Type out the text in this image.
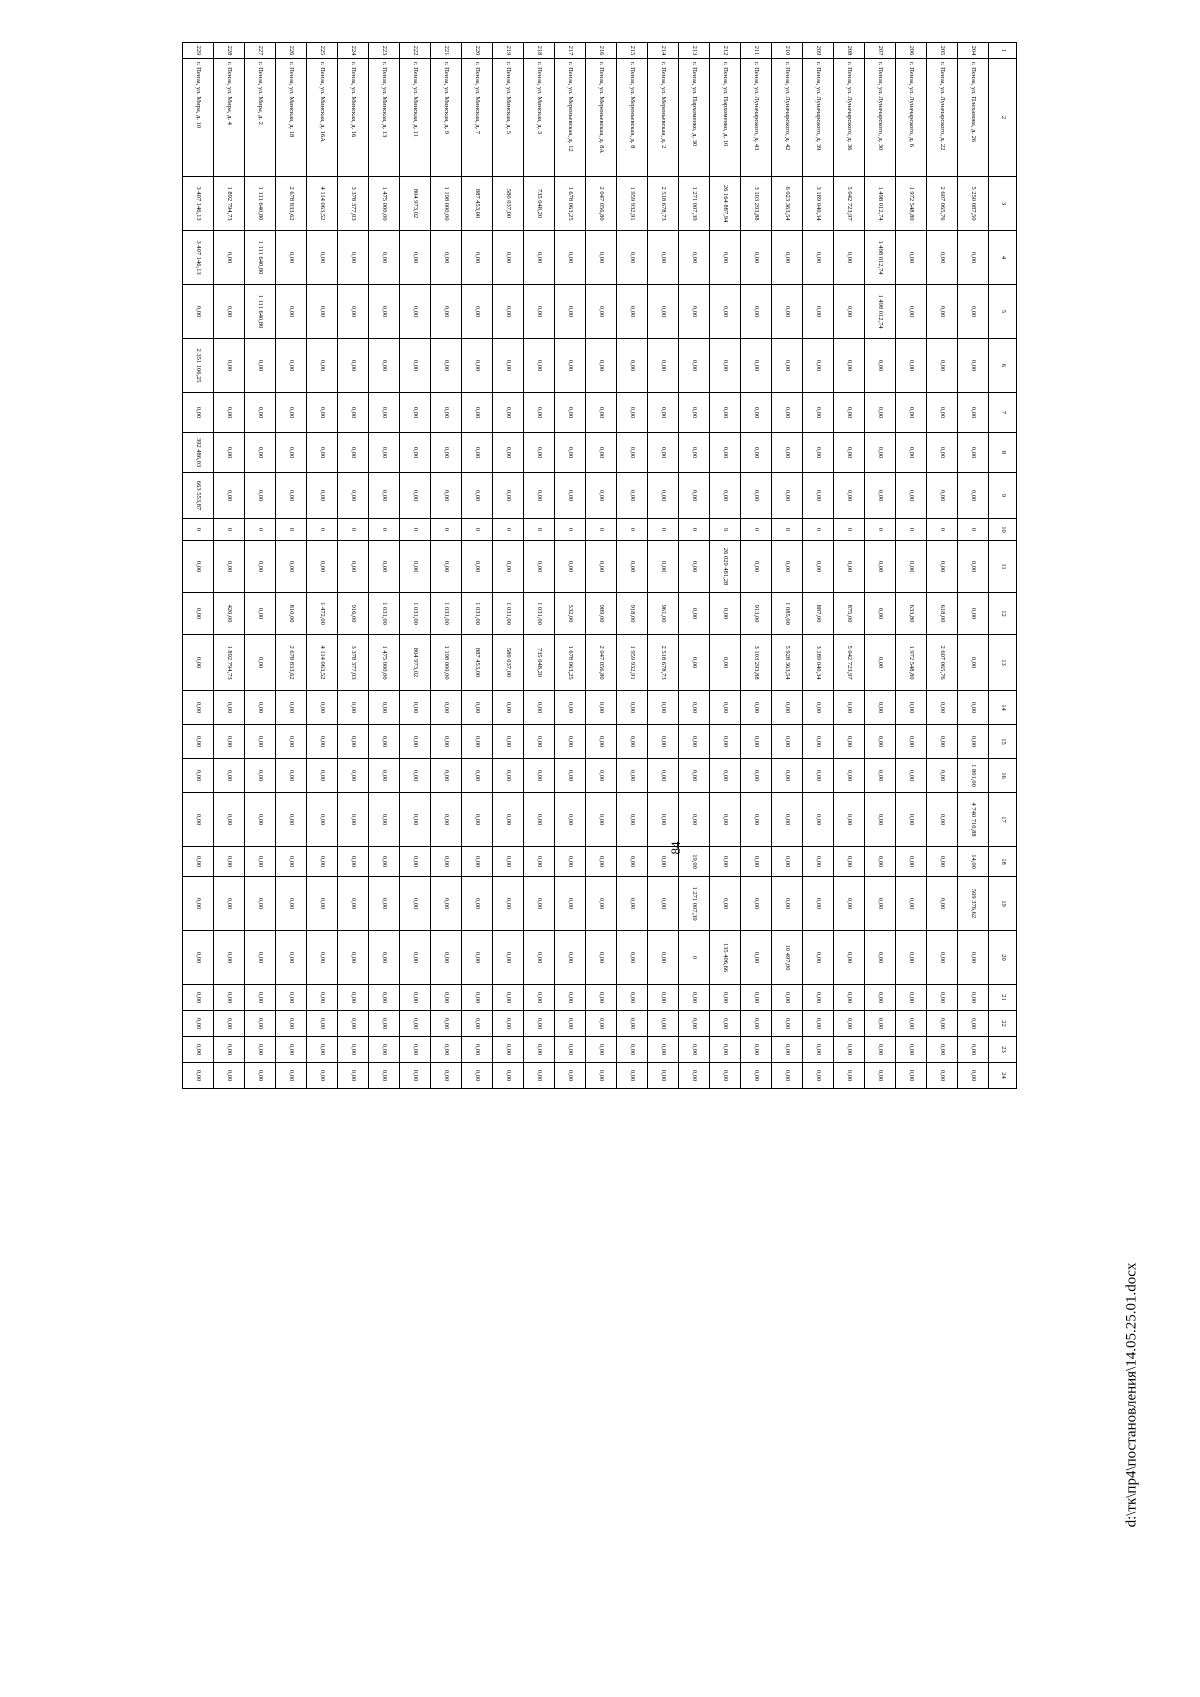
84
1	2	3	4	5	6	7	8	9	10	11	12	13	14	15	16	17	18	19	20	21	22	23	24
204	г. Пенза, ул. Плеханова, д. 26	5 250 087,50	0,00	0,00	0,00	0,00	0,00	0,00	0	0,00	0,00	0,00	0,00	0,00	1 801,00	4 740 710,88	14,00	509 376,62	0,00	0,00	0,00	0,00	0,00
205	г. Пенза, ул. Луначарского, д. 22	2 607 065,76	0,00	0,00	0,00	0,00	0,00	0,00	0	0,00	618,00	2 607 065,76	0,00	0,00	0,00	0,00	0,00	0,00	0,00	0,00	0,00	0,00	0,00
206	г. Пенза, ул. Луначарского, д. 6	1 972 548,80	0,00	0,00	0,00	0,00	0,00	0,00	0	0,00	633,80	1 972 548,80	0,00	0,00	0,00	0,00	0,00	0,00	0,00	0,00	0,00	0,00	0,00
207	г. Пенза, ул. Луначарского, д. 30	1 498 012,74	1 498 012,74	1 498 012,74	0,00	0,00	0,00	0,00	0	0,00	0,00	0,00	0,00	0,00	0,00	0,00	0,00	0,00	0,00	0,00	0,00	0,00	0,00
208	г. Пенза, ул. Луначарского, д. 36	5 042 723,97	0,00	0,00	0,00	0,00	0,00	0,00	0	0,00	875,00	5 042 723,97	0,00	0,00	0,00	0,00	0,00	0,00	0,00	0,00	0,00	0,00	0,00
209	г. Пенза, ул. Луначарского, д. 39	3 189 040,34	0,00	0,00	0,00	0,00	0,00	0,00	0	0,00	887,00	3 189 040,34	0,00	0,00	0,00	0,00	0,00	0,00	0,00	0,00	0,00	0,00	0,00
210	г. Пенза, ул. Луначарского, д. 42	6 023 363,54	0,00	0,00	0,00	0,00	0,00	0,00	0	0,00	1 085,00	5 928 363,54	0,00	0,00	0,00	0,00	0,00	0,00	10 497,00	0,00	0,00	0,00	0,00
211	г. Пенза, ул. Луначарского, д. 43	3 103 293,88	0,00	0,00	0,00	0,00	0,00	0,00	0	0,00	913,00	3 103 293,88	0,00	0,00	0,00	0,00	0,00	0,00	0,00	0,00	0,00	0,00	0,00
212	г. Пенза, ул. Пархоменко, д. 10	26 164 887,94	0,00	0,00	0,00	0,00	0,00	0,00	9	26 029 481,28	0,00	0,00	0,00	0,00	0,00	0,00	0,00	0,00	135 406,66	0,00	0,00	0,00	0,00
213	г. Пенза, ул. Пархоменко, д. 30	1 271 007,39	0,00	0,00	0,00	0,00	0,00	0,00	0	0,00	0,00	0,00	0,00	0,00	0,00	0,00	19,00	1 271 007,39	0	0,00	0,00	0,00	0,00
214	г. Пенза, ул. Мереньевская, д. 2	2 518 678,73	0,00	0,00	0,00	0,00	0,00	0,00	0	0,00	961,00	2 518 678,73	0,00	0,00	0,00	0,00	0,00	0,00	0,00	0,00	0,00	0,00	0,00
215	г. Пенза, ул. Мереньевская, д. 8	1 959 932,91	0,00	0,00	0,00	0,00	0,00	0,00	0	0,00	918,00	1 959 932,91	0,00	0,00	0,00	0,00	0,00	0,00	0,00	0,00	0,00	0,00	0,00
216	г. Пенза, ул. Мереньевская, д. 8А	2 047 056,80	0,00	0,00	0,00	0,00	0,00	0,00	0	0,00	989,00	2 047 056,80	0,00	0,00	0,00	0,00	0,00	0,00	0,00	0,00	0,00	0,00	0,00
217	г. Пенза, ул. Мереньевская, д. 12	1 678 063,25	0,00	0,00	0,00	0,00	0,00	0,00	0	0,00	532,00	1 678 063,25	0,00	0,00	0,00	0,00	0,00	0,00	0,00	0,00	0,00	0,00	0,00
218	г. Пенза, ул. Минская, д. 3	735 048,20	0,00	0,00	0,00	0,00	0,00	0,00	0	0,00	1 031,00	735 048,20	0,00	0,00	0,00	0,00	0,00	0,00	0,00	0,00	0,00	0,00	0,00
219	г. Пенза, ул. Минская, д. 5	580 037,00	0,00	0,00	0,00	0,00	0,00	0,00	0	0,00	1 031,00	580 037,00	0,00	0,00	0,00	0,00	0,00	0,00	0,00	0,00	0,00	0,00	0,00
220	г. Пенза, ул. Минская, д. 7	887 453,00	0,00	0,00	0,00	0,00	0,00	0,00	0	0,00	1 031,00	887 453,00	0,00	0,00	0,00	0,00	0,00	0,00	0,00	0,00	0,00	0,00	0,00
221	г. Пенза, ул. Минская, д. 9	1 198 000,00	0,00	0,00	0,00	0,00	0,00	0,00	0	0,00	1 031,00	1 198 000,00	0,00	0,00	0,00	0,00	0,00	0,00	0,00	0,00	0,00	0,00	0,00
222	г. Пенза, ул. Минская, д. 11	804 973,02	0,00	0,00	0,00	0,00	0,00	0,00	0	0,00	1 031,00	804 973,02	0,00	0,00	0,00	0,00	0,00	0,00	0,00	0,00	0,00	0,00	0,00
223	г. Пенза, ул. Минская, д. 13	1 475 000,00	0,00	0,00	0,00	0,00	0,00	0,00	0	0,00	1 031,00	1 475 000,00	0,00	0,00	0,00	0,00	0,00	0,00	0,00	0,00	0,00	0,00	0,00
224	г. Пенза, ул. Минская, д. 16	3 378 377,03	0,00	0,00	0,00	0,00	0,00	0,00	0	0,00	916,00	3 378 377,03	0,00	0,00	0,00	0,00	0,00	0,00	0,00	0,00	0,00	0,00	0,00
225	г. Пенза, ул. Минская, д. 16А	4 114 063,52	0,00	0,00	0,00	0,00	0,00	0,00	0	0,00	1 472,00	4 114 063,52	0,00	0,00	0,00	0,00	0,00	0,00	0,00	0,00	0,00	0,00	0,00
226	г. Пенза, ул. Минская, д. 18	2 678 833,62	0,00	0,00	0,00	0,00	0,00	0,00	0	0,00	810,00	2 678 833,62	0,00	0,00	0,00	0,00	0,00	0,00	0,00	0,00	0,00	0,00	0,00
227	г. Пенза, ул. Мира, д. 2	1 111 640,80	1 111 640,80	1 111 640,80	0,00	0,00	0,00	0,00	0	0,00	0,00	0,00	0,00	0,00	0,00	0,00	0,00	0,00	0,00	0,00	0,00	0,00	0,00
228	г. Пенза, ул. Мира, д. 4	1 892 794,73	0,00	0,00	0,00	0,00	0,00	0,00	0	0,00	420,00	1 892 794,73	0,00	0,00	0,00	0,00	0,00	0,00	0,00	0,00	0,00	0,00	0,00
229	г. Пенза, ул. Мира, д. 10	3 407 146,13	3 407 146,13	0,00	2 351 106,25	0,00	392 486,03	663 553,87	0	0,00	0,00	0,00	0,00	0,00	0,00	0,00	0,00	0,00	0,00	0,00	0,00	0,00	0,00
d:\тк\пр4\постановления\14.05.25.01.docx
